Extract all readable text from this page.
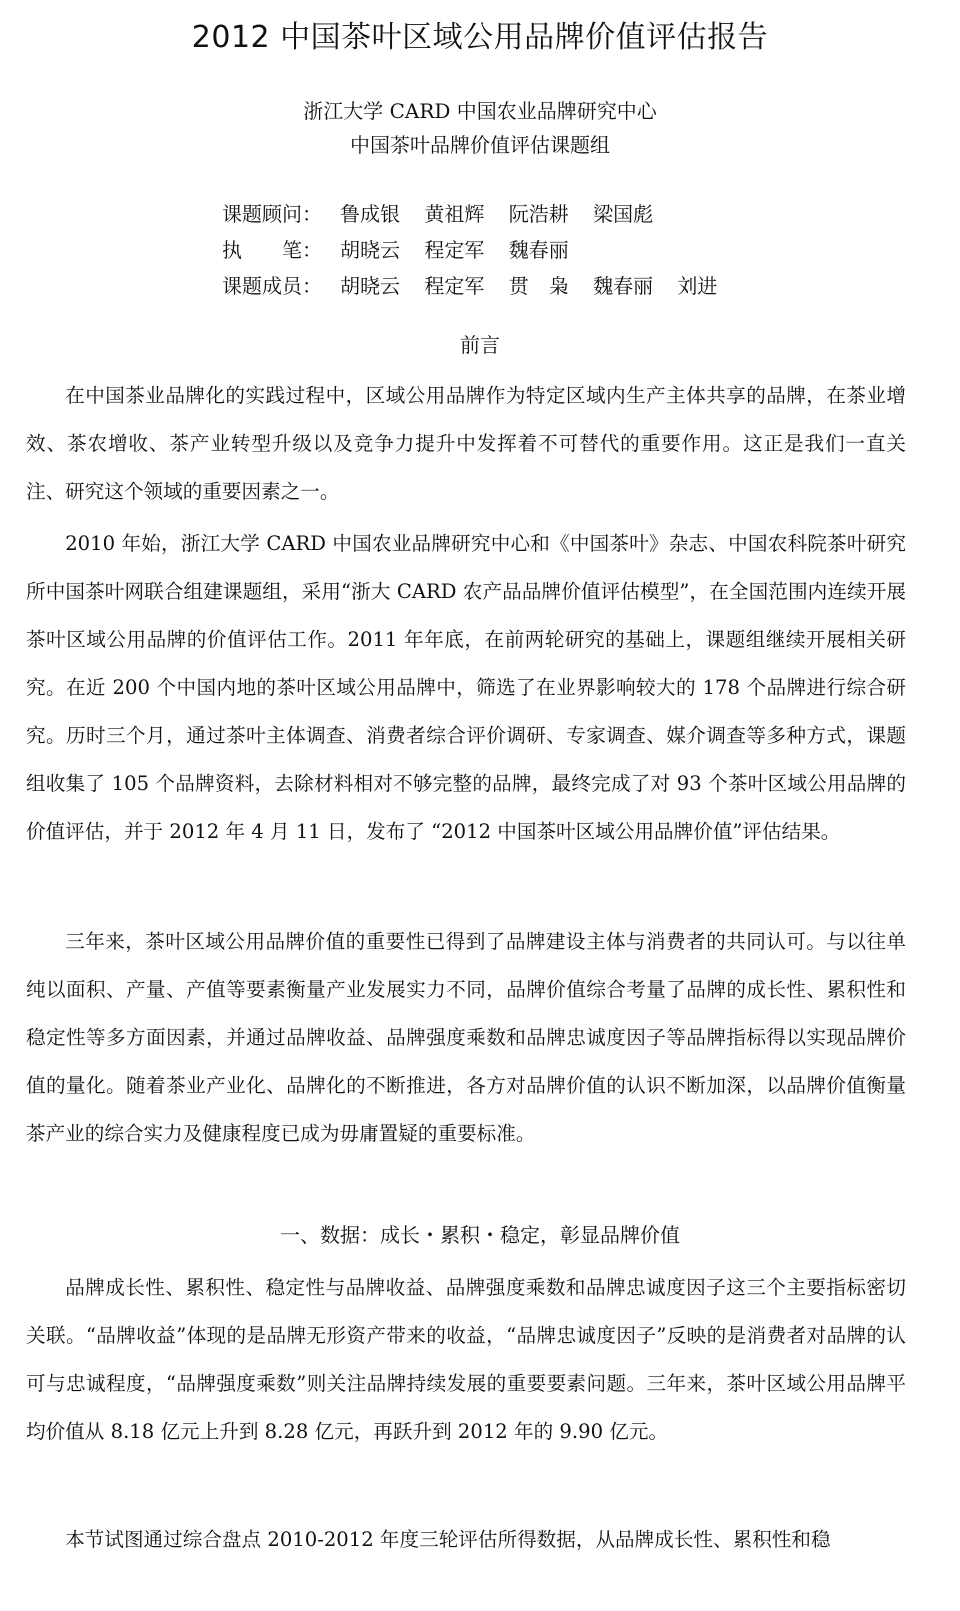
2012 中国茶叶区域公用品牌价值评估报告
浙江大学 CARD 中国农业品牌研究中心
中国茶叶品牌价值评估课题组
课题顾问： 鲁成银 黄祖辉 阮浩耕 梁国彪
执　　笔： 胡晓云 程定军 魏春丽
课题成员： 胡晓云 程定军 贯　枭 魏春丽 刘进
前言

在中国茶业品牌化的实践过程中，区域公用品牌作为特定区域内生产主体共享的品牌，在茶业增效、茶农增收、茶产业转型升级以及竞争力提升中发挥着不可替代的重要作用。这正是我们一直关注、研究这个领域的重要因素之一。

2010 年始，浙江大学 CARD 中国农业品牌研究中心和《中国茶叶》杂志、中国农科院茶叶研究所中国茶叶网联合组建课题组，采用“浙大 CARD 农产品品牌价值评估模型”，在全国范围内连续开展茶叶区域公用品牌的价值评估工作。2011 年年底，在前两轮研究的基础上，课题组继续开展相关研究。在近 200 个中国内地的茶叶区域公用品牌中，筛选了在业界影响较大的 178 个品牌进行综合研究。历时三个月，通过茶叶主体调查、消费者综合评价调研、专家调查、媒介调查等多种方式，课题组收集了 105 个品牌资料，去除材料相对不够完整的品牌，最终完成了对 93 个茶叶区域公用品牌的价值评估，并于 2012 年 4 月 11 日，发布了 “2012 中国茶叶区域公用品牌价值”评估结果。

三年来，茶叶区域公用品牌价值的重要性已得到了品牌建设主体与消费者的共同认可。与以往单纯以面积、产量、产值等要素衡量产业发展实力不同，品牌价值综合考量了品牌的成长性、累积性和稳定性等多方面因素，并通过品牌收益、品牌强度乘数和品牌忠诚度因子等品牌指标得以实现品牌价值的量化。随着茶业产业化、品牌化的不断推进，各方对品牌价值的认识不断加深，以品牌价值衡量茶产业的综合实力及健康程度已成为毋庸置疑的重要标准。

一、数据：成长・累积・稳定，彰显品牌价值

品牌成长性、累积性、稳定性与品牌收益、品牌强度乘数和品牌忠诚度因子这三个主要指标密切关联。“品牌收益”体现的是品牌无形资产带来的收益，“品牌忠诚度因子”反映的是消费者对品牌的认可与忠诚程度，“品牌强度乘数”则关注品牌持续发展的重要要素问题。三年来，茶叶区域公用品牌平均价值从 8.18 亿元上升到 8.28 亿元，再跃升到 2012 年的 9.90 亿元。

本节试图通过综合盘点 2010-2012 年度三轮评估所得数据，从品牌成长性、累积性和稳
